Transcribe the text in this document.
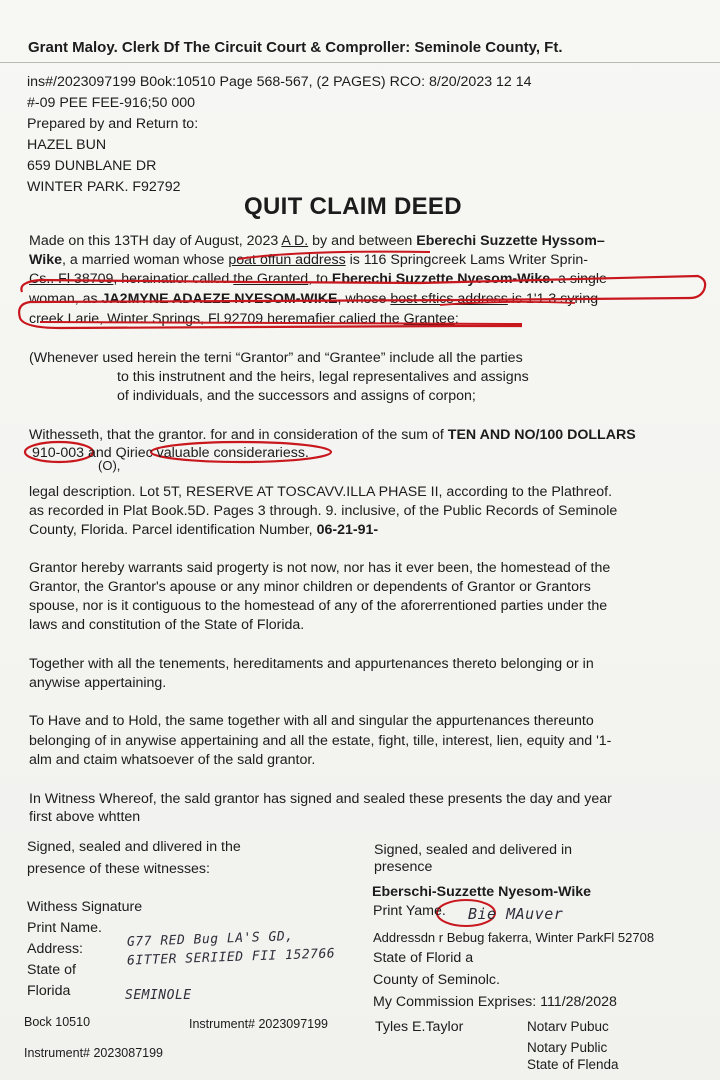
Grant Maloy. Clerk Df The Circuit Court & Comproller: Seminole County, Ft.
ins#/2023097199 B0ok:10510 Page 568-567, (2 PAGES) RCO: 8/20/2023 12 14
#-09 PEE FEE-916;50 000
Prepared by and Return to:
HAZEL BUN
659 DUNBLANE DR
WINTER PARK. F92792
QUIT CLAIM DEED
Made on this 13TH day of August, 2023 A D. by and between Eberechi Suzzette Hyssom–
Wike, a married woman whose poat offun address is 116 Springcreek Lams Writer Sprin-
Cs.. Fl 38709, herainatior called the Granted, to Eberechi Suzzette Nyesom-Wike. a single
woman, as JA2MYNE ADAEZE NYESOM-WIKE, whose bost sftics address is 1'1 3 syring
creek Larie, Winter Springs, Fl 92709 heremafier calied the Grantee:
(Whenever used herein the terni “Grantor” and “Grantee” include all the parties
to this instrutnent and the heirs, legal representalives and assigns
of individuals, and the successors and assigns of corpon;
Withesseth, that the grantor. for and in consideration of the sum of TEN AND NO/100 DOLLARS
910-003 and Qiriec valuable considerariess.
(O),
legal description. Lot 5T, RESERVE AT TOSCAVV.ILLA PHASE II, according to the Plathreof.
as recorded in Plat Book.5D. Pages 3 through. 9. inclusive, of the Public Records of Seminole
County, Florida. Parcel identification Number, 06-21-91-
Grantor hereby warrants said progerty is not now, nor has it ever been, the homestead of the
Grantor, the Grantor's apouse or any minor children or dependents of Grantor or Grantors
spouse, nor is it contiguous to the homestead of any of the aforerrentioned parties under the
laws and constitution of the State of Florida.
Together with all the tenements, hereditaments and appurtenances thereto belonging or in
anywise appertaining.
To Have and to Hold, the same together with all and singular the appurtenances thereunto
belonging of in anywise appertaining and all the estate, fight, tille, interest, lien, equity and '1-
alm and ctaim whatsoever of the sald grantor.
In Witness Whereof, the sald grantor has signed and sealed these presents the day and year
first above whtten
Signed, sealed and dlivered in the
presence of these witnesses:
Withess Signature
Print Name.
Address:
State of
Florida
G77 RED Bug LA'S GD,
6ITTER SERIIED FII 152766
SEMINOLE
Bock 10510	Instrument# 2023097199
Instrument# 2023087199
Signed, sealed and delivered in
presence
Eberschi-Suzzette Nyesom-Wike
Print Yame. Bie MAuver
Addressdn r Bebug fakerra, Winter ParkFl 52708
State of Florid a
County of Seminolc.
My Commission Exprises: 111/28/2028
Tyles E.Taylor	Notarv Pubuc
Notary Public
State of Flenda
